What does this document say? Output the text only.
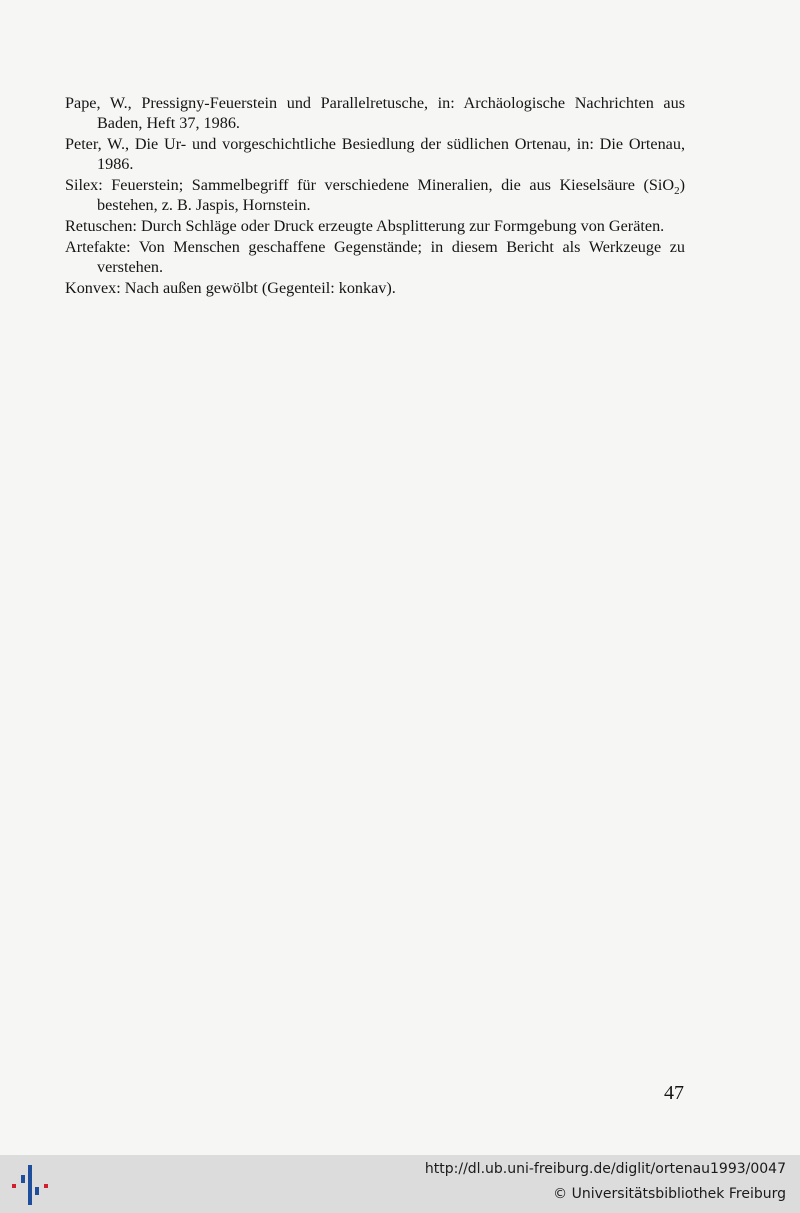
Pape, W., Pressigny-Feuerstein und Parallelretusche, in: Archäologische Nachrichten aus Baden, Heft 37, 1986.

Peter, W., Die Ur- und vorgeschichtliche Besiedlung der südlichen Ortenau, in: Die Ortenau, 1986.

Silex: Feuerstein; Sammelbegriff für verschiedene Mineralien, die aus Kieselsäure (SiO$_2$) bestehen, z. B. Jaspis, Hornstein.

Retuschen: Durch Schläge oder Druck erzeugte Absplitterung zur Formgebung von Geräten.

Artefakte: Von Menschen geschaffene Gegenstände; in diesem Bericht als Werkzeuge zu verstehen.

Konvex: Nach außen gewölbt (Gegenteil: konkav).

47
http://dl.ub.uni-freiburg.de/diglit/ortenau1993/0047
© Universitätsbibliothek Freiburg
